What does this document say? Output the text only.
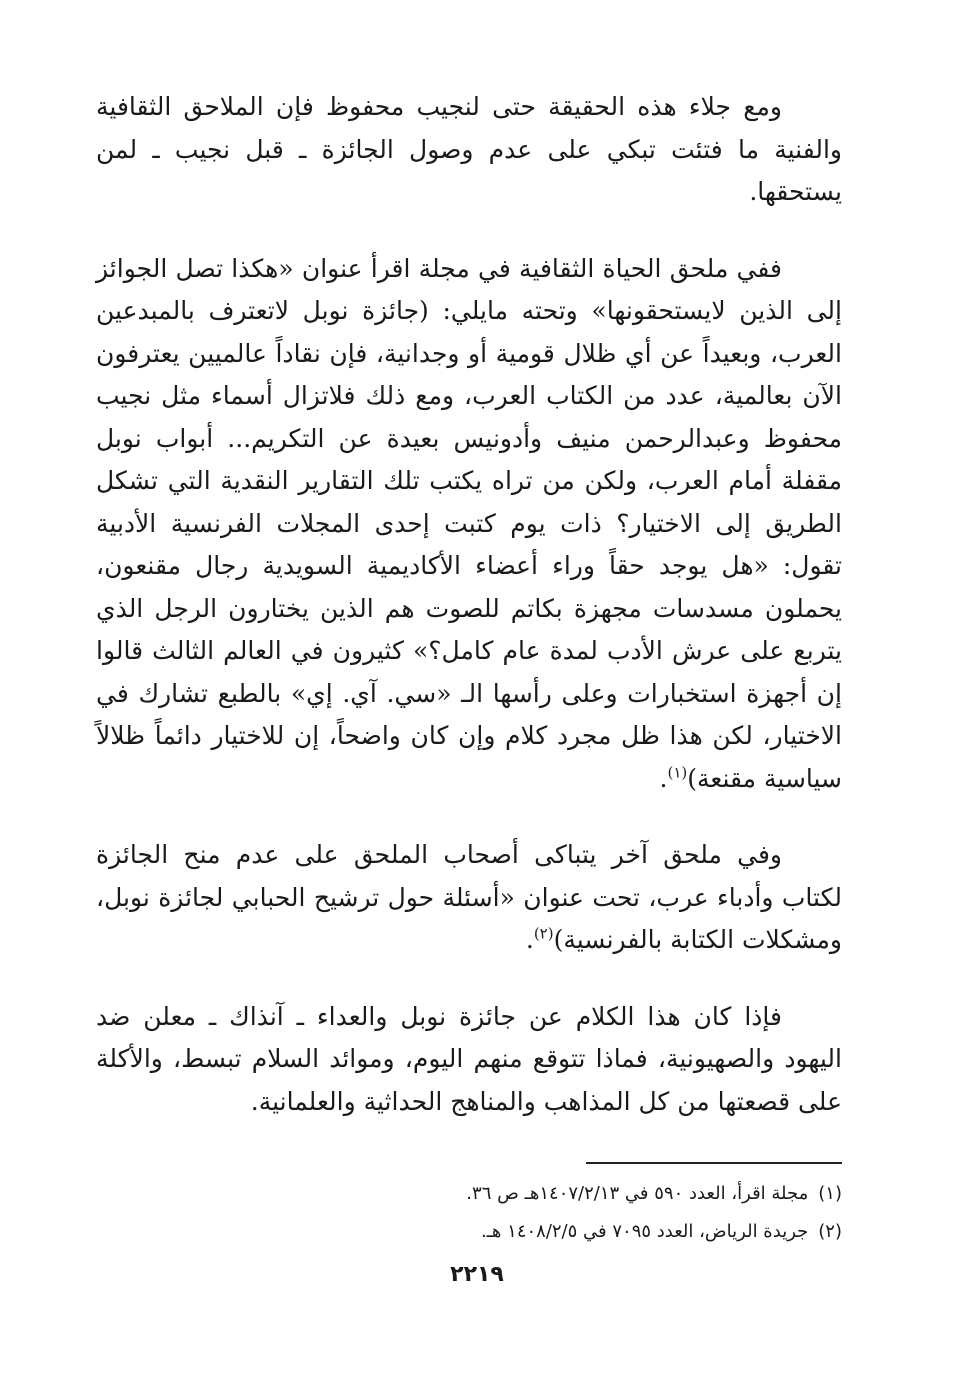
ومع جلاء هذه الحقيقة حتى لنجيب محفوظ فإن الملاحق الثقافية والفنية ما فتئت تبكي على عدم وصول الجائزة ـ قبل نجيب ـ لمن يستحقها.

ففي ملحق الحياة الثقافية في مجلة اقرأ عنوان «هكذا تصل الجوائز إلى الذين لايستحقونها» وتحته مايلي: (جائزة نوبل لاتعترف بالمبدعين العرب، وبعيداً عن أي ظلال قومية أو وجدانية، فإن نقاداً عالميين يعترفون الآن بعالمية، عدد من الكتاب العرب، ومع ذلك فلاتزال أسماء مثل نجيب محفوظ وعبدالرحمن منيف وأدونيس بعيدة عن التكريم... أبواب نوبل مقفلة أمام العرب، ولكن من تراه يكتب تلك التقارير النقدية التي تشكل الطريق إلى الاختيار؟ ذات يوم كتبت إحدى المجلات الفرنسية الأدبية تقول: «هل يوجد حقاً وراء أعضاء الأكاديمية السويدية رجال مقنعون، يحملون مسدسات مجهزة بكاتم للصوت هم الذين يختارون الرجل الذي يتربع على عرش الأدب لمدة عام كامل؟» كثيرون في العالم الثالث قالوا إن أجهزة استخبارات وعلى رأسها الـ «سي. آي. إي» بالطبع تشارك في الاختيار، لكن هذا ظل مجرد كلام وإن كان واضحاً، إن للاختيار دائماً ظلالاً سياسية مقنعة)$^{(١)}$.

وفي ملحق آخر يتباكى أصحاب الملحق على عدم منح الجائزة لكتاب وأدباء عرب، تحت عنوان «أسئلة حول ترشيح الحبابي لجائزة نوبل، ومشكلات الكتابة بالفرنسية)$^{(٢)}$.

فإذا كان هذا الكلام عن جائزة نوبل والعداء ـ آنذاك ـ معلن ضد اليهود والصهيونية، فماذا تتوقع منهم اليوم، وموائد السلام تبسط، والأكلة على قصعتها من كل المذاهب والمناهج الحداثية والعلمانية.

(١)مجلة اقرأ، العدد ٥٩٠ في ١٤٠٧/٢/١٣هـ ص ٣٦.

(٢)جريدة الرياض، العدد ٧٠٩٥ في ١٤٠٨/٢/٥ هـ.

٢٢١٩
